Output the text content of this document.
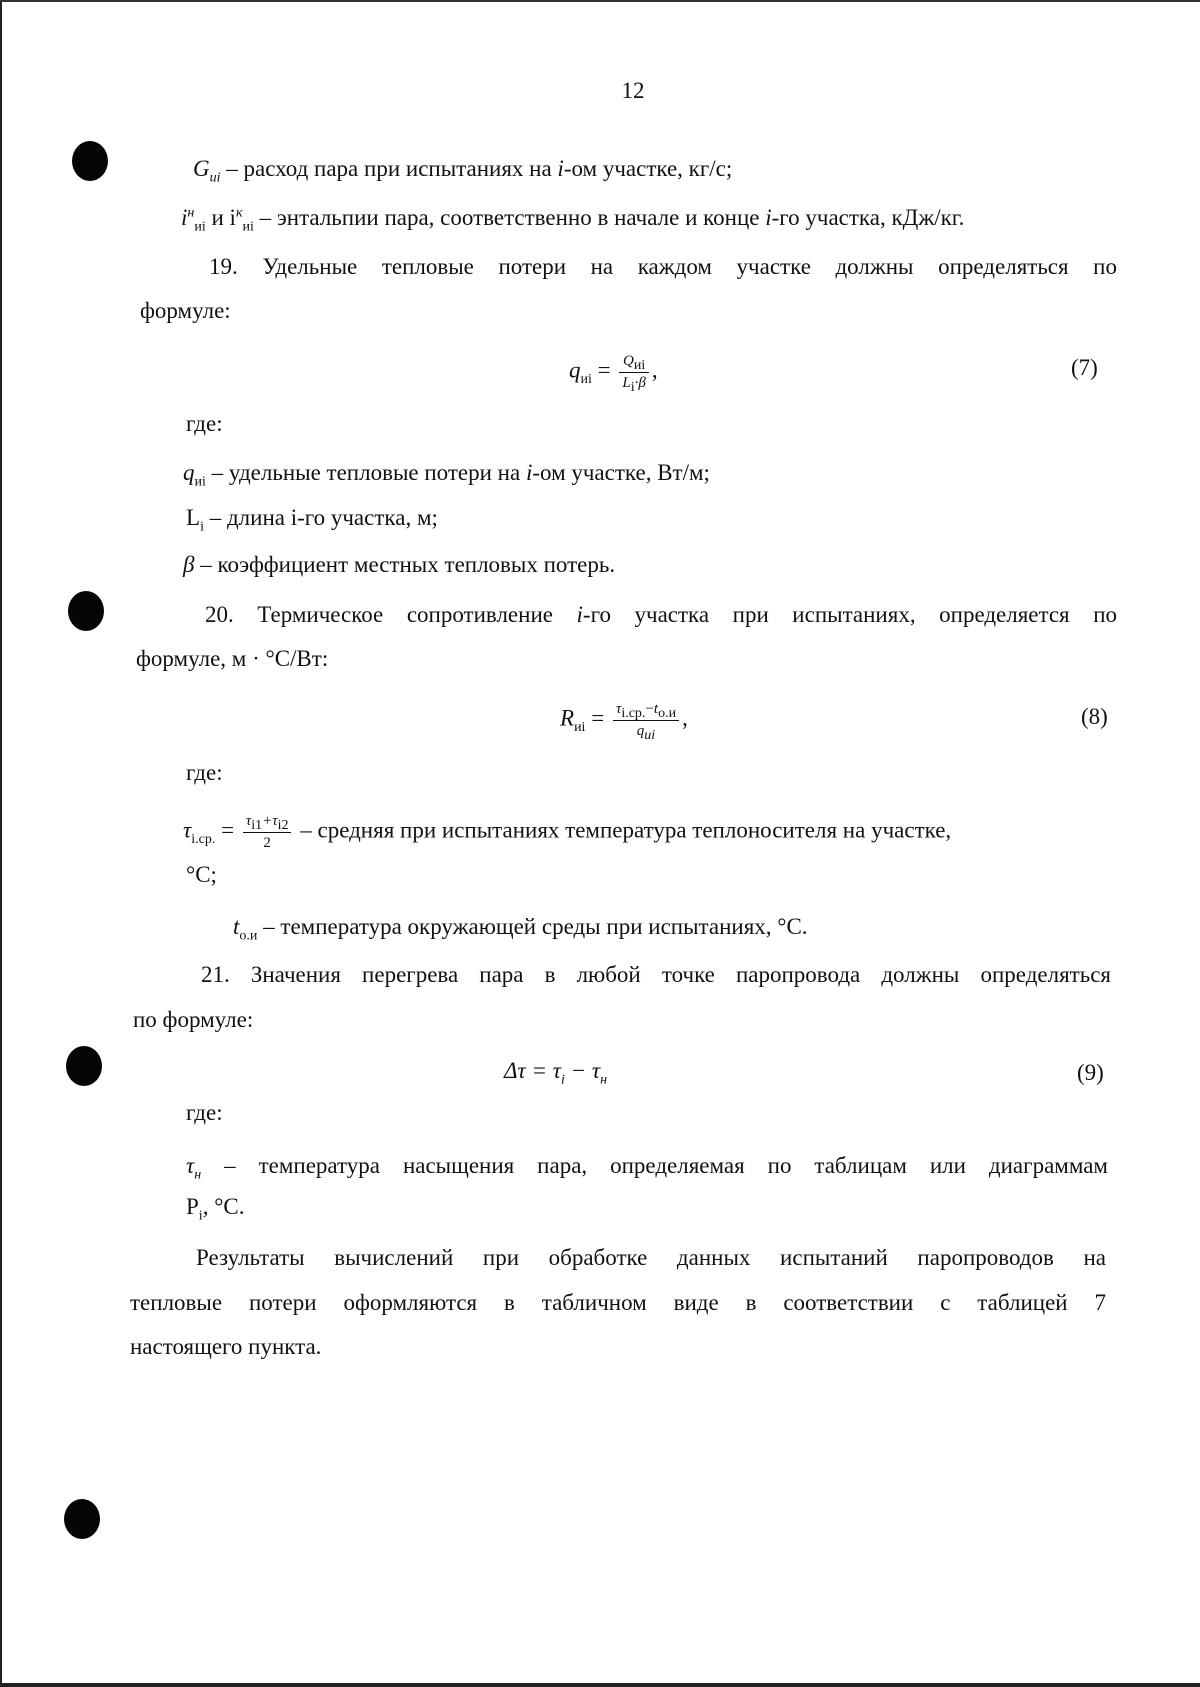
12
$G_{иi}$ – расход пара при испытаниях на i-ом участке, кг/с;
$i^н_{иi}$ и $i^к_{иi}$ – энтальпии пара, соответственно в начале и конце i-го участка, кДж/кг.
19. Удельные тепловые потери на каждом участке должны определяться по
формуле:
$q_{иi} = \frac{Q_{иi}}{L_i\cdot\beta}$ ,	(7)
где:
$q_{иi}$ – удельные тепловые потери на i-ом участке, Вт/м;
$L_i$ – длина i-го участка, м;
β – коэффициент местных тепловых потерь.
20. Термическое сопротивление i-го участка при испытаниях, определяется по
формуле, м · °C/Вт:
$R_{иi} = \frac{\tau_{i.ср.}-t_{о.и}}{q_{иi}}$ ,	(8)
где:
$\tau_{i.ср.} = \frac{\tau_{i1}+\tau_{i2}}{2}$ – средняя при испытаниях температура теплоносителя на участке,
°C;
$t_{о.и}$ – температура окружающей среды при испытаниях, °C.
21. Значения перегрева пара в любой точке паропровода должны определяться
по формуле:
$\Delta\tau = \tau_i - \tau_н$	(9)
где:
$\tau_н$ – температура насыщения пара, определяемая по таблицам или диаграммам
$P_i$, °C.
Результаты вычислений при обработке данных испытаний паропроводов на
тепловые потери оформляются в табличном виде в соответствии с таблицей 7
настоящего пункта.
